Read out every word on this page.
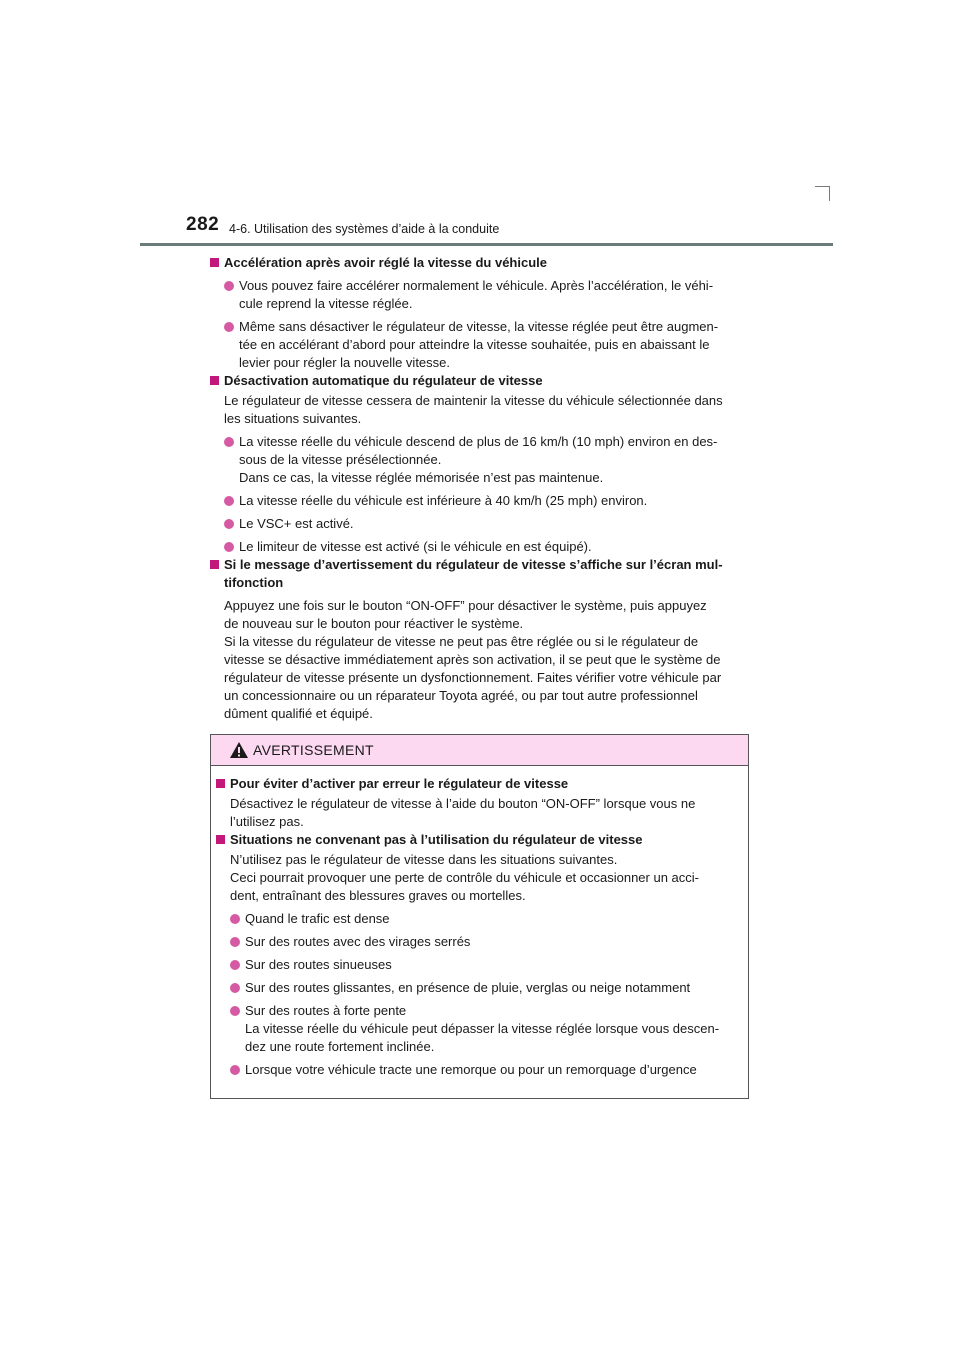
282 4-6. Utilisation des systèmes d’aide à la conduite

Accélération après avoir réglé la vitesse du véhicule

Vous pouvez faire accélérer normalement le véhicule. Après l’accélération, le véhi-
cule reprend la vitesse réglée.

Même sans désactiver le régulateur de vitesse, la vitesse réglée peut être augmen-
tée en accélérant d’abord pour atteindre la vitesse souhaitée, puis en abaissant le
levier pour régler la nouvelle vitesse.

Désactivation automatique du régulateur de vitesse

Le régulateur de vitesse cessera de maintenir la vitesse du véhicule sélectionnée dans
les situations suivantes.

La vitesse réelle du véhicule descend de plus de 16 km/h (10 mph) environ en des-
sous de la vitesse présélectionnée.
Dans ce cas, la vitesse réglée mémorisée n’est pas maintenue.

La vitesse réelle du véhicule est inférieure à 40 km/h (25 mph) environ.

Le VSC+ est activé.

Le limiteur de vitesse est activé (si le véhicule en est équipé).

Si le message d’avertissement du régulateur de vitesse s’affiche sur l’écran mul-
tifonction

Appuyez une fois sur le bouton “ON-OFF” pour désactiver le système, puis appuyez
de nouveau sur le bouton pour réactiver le système.
Si la vitesse du régulateur de vitesse ne peut pas être réglée ou si le régulateur de
vitesse se désactive immédiatement après son activation, il se peut que le système de
régulateur de vitesse présente un dysfonctionnement. Faites vérifier votre véhicule par
un concessionnaire ou un réparateur Toyota agréé, ou par tout autre professionnel
dûment qualifié et équipé.

AVERTISSEMENT

Pour éviter d’activer par erreur le régulateur de vitesse

Désactivez le régulateur de vitesse à l’aide du bouton “ON-OFF” lorsque vous ne
l’utilisez pas.

Situations ne convenant pas à l’utilisation du régulateur de vitesse

N’utilisez pas le régulateur de vitesse dans les situations suivantes.
Ceci pourrait provoquer une perte de contrôle du véhicule et occasionner un acci-
dent, entraînant des blessures graves ou mortelles.

Quand le trafic est dense

Sur des routes avec des virages serrés

Sur des routes sinueuses

Sur des routes glissantes, en présence de pluie, verglas ou neige notamment

Sur des routes à forte pente
La vitesse réelle du véhicule peut dépasser la vitesse réglée lorsque vous descen-
dez une route fortement inclinée.

Lorsque votre véhicule tracte une remorque ou pour un remorquage d’urgence
